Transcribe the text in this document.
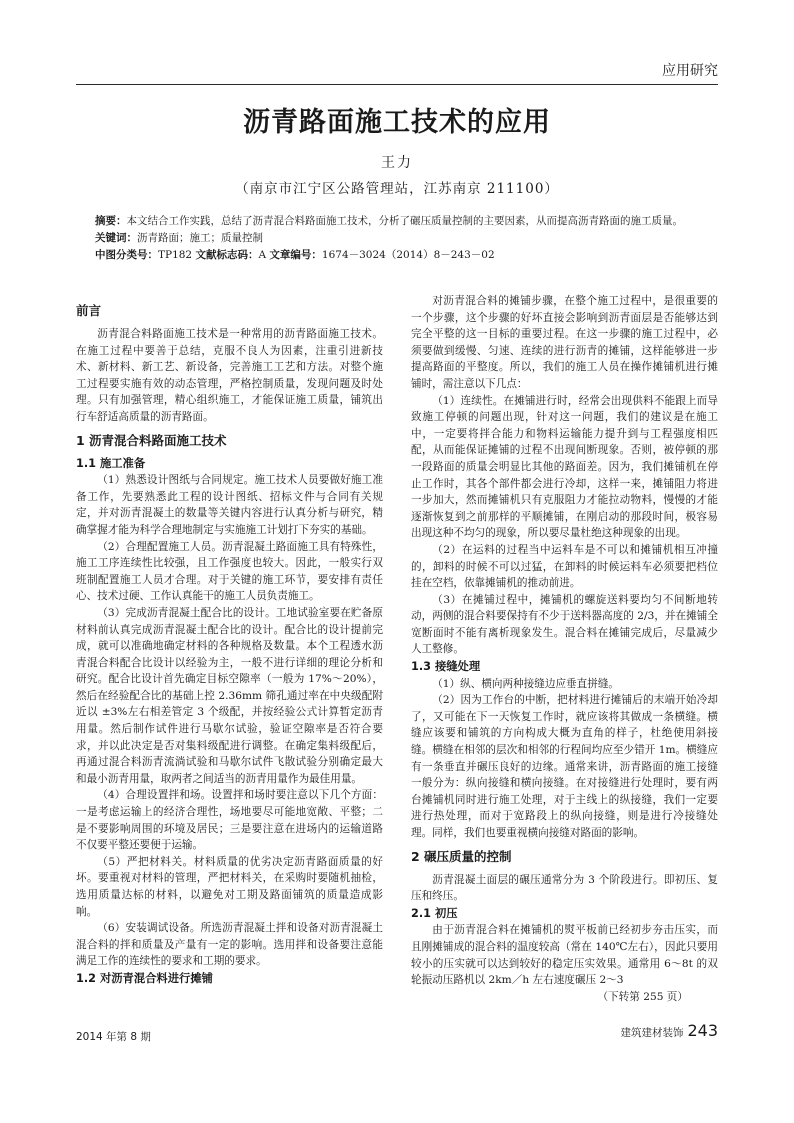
应用研究
沥青路面施工技术的应用
王力
（南京市江宁区公路管理站，江苏南京 211100）

摘要：本文结合工作实践，总结了沥青混合料路面施工技术，分析了碾压质量控制的主要因素，从而提高沥青路面的施工质量。

关键词：沥青路面；施工；质量控制

中图分类号：TP182 文献标志码：A 文章编号：1674－3024（2014）8－243－02

前言

沥青混合料路面施工技术是一种常用的沥青路面施工技术。在施工过程中要善于总结，克服不良人为因素，注重引进新技术、新材料、新工艺、新设备，完善施工工艺和方法。对整个施工过程要实施有效的动态管理，严格控制质量，发现问题及时处理。只有加强管理，精心组织施工，才能保证施工质量，铺筑出行车舒适高质量的沥青路面。

1 沥青混合料路面施工技术
1.1 施工准备

（1）熟悉设计图纸与合同规定。施工技术人员要做好施工准备工作，先要熟悉此工程的设计图纸、招标文件与合同有关规定，并对沥青混凝土的数量等关键内容进行认真分析与研究，精确掌握才能为科学合理地制定与实施施工计划打下夯实的基础。

（2）合理配置施工人员。沥青混凝土路面施工具有特殊性，施工工序连续性比较强，且工作强度也较大。因此，一般实行双班制配置施工人员才合理。对于关键的施工环节，要安排有责任心、技术过硬、工作认真能干的施工人员负责施工。

（3）完成沥青混凝土配合比的设计。工地试验室要在贮备原材料前认真完成沥青混凝土配合比的设计。配合比的设计提前完成，就可以准确地确定材料的各种规格及数量。本个工程透水沥青混合料配合比设计以经验为主，一般不进行详细的理论分析和研究。配合比设计首先确定目标空隙率（一般为 17%～20%），然后在经验配合比的基础上控 2.36mm 筛孔通过率在中央级配附近以 ±3%左右相差管定 3 个级配，并按经验公式计算暂定沥青用量。然后制作试件进行马歇尔试验，验证空隙率是否符合要求，并以此决定是否对集料级配进行调整。在确定集料级配后，再通过混合料沥青流淌试验和马歇尔试件飞散试验分别确定最大和最小沥青用量，取两者之间适当的沥青用量作为最佳用量。

（4）合理设置拌和场。设置拌和场时要注意以下几个方面：一是考虑运输上的经济合理性，场地要尽可能地宽敞、平整；二是不要影响周围的环境及居民；三是要注意在进场内的运输道路不仅要平整还要便于运输。

（5）严把材料关。材料质量的优劣决定沥青路面质量的好坏。要重视对材料的管理，严把材料关，在采购时要随机抽检，选用质量达标的材料，以避免对工期及路面铺筑的质量造成影响。

（6）安装调试设备。所选沥青混凝土拌和设备对沥青混凝土混合料的拌和质量及产量有一定的影响。选用拌和设备要注意能满足工作的连续性的要求和工期的要求。

1.2 对沥青混合料进行摊铺

对沥青混合料的摊铺步骤，在整个施工过程中，是很重要的一个步骤，这个步骤的好坏直接会影响到沥青面层是否能够达到完全平整的这一目标的重要过程。在这一步骤的施工过程中，必须要做到缓慢、匀速、连续的进行沥青的摊铺，这样能够进一步提高路面的平整度。所以，我们的施工人员在操作摊铺机进行摊铺时，需注意以下几点：

（1）连续性。在摊铺进行时，经常会出现供料不能跟上而导致施工停顿的问题出现，针对这一问题，我们的建议是在施工中，一定要将拌合能力和物料运输能力提升到与工程强度相匹配，从而能保证摊铺的过程不出现间断现象。否则，被停顿的那一段路面的质量会明显比其他的路面差。因为，我们摊铺机在停止工作时，其各个部件都会进行冷却，这样一来，摊铺阻力将进一步加大，然而摊铺机只有克服阻力才能拉动物料，慢慢的才能逐渐恢复到之前那样的平顺摊铺，在刚启动的那段时间，极容易出现这种不均匀的现象，所以要尽量杜绝这种现象的出现。

（2）在运料的过程当中运料车是不可以和摊铺机相互冲撞的，卸料的时候不可以过猛，在卸料的时候运料车必须要把档位挂在空档，依靠摊铺机的推动前进。

（3）在摊铺过程中，摊铺机的螺旋送料要均匀不间断地转动，两侧的混合料要保持有不少于送料器高度的 2/3，并在摊铺全宽断面时不能有离析现象发生。混合料在摊铺完成后，尽量减少人工整修。

1.3 接缝处理

（1）纵、横向两种接缝边应垂直拼缝。

（2）因为工作台的中断，把材料进行摊铺后的末端开始冷却了，又可能在下一天恢复工作时，就应该将其做成一条横缝。横缝应该要和铺筑的方向构成大概为直角的样子，杜绝使用斜接缝。横缝在相邻的层次和相邻的行程间均应至少错开 1m。横缝应有一条垂直并碾压良好的边缘。通常来讲，沥青路面的施工接缝一般分为：纵向接缝和横向接缝。在对接缝进行处理时，要有两台摊铺机同时进行施工处理，对于主线上的纵接缝，我们一定要进行热处理，而对于宽路段上的纵向接缝，则是进行冷接缝处理。同样，我们也要重视横向接缝对路面的影响。

2 碾压质量的控制

沥青混凝土面层的碾压通常分为 3 个阶段进行。即初压、复压和终压。

2.1 初压

由于沥青混合料在摊铺机的熨平板前已经初步夯击压实，而且刚摊铺成的混合料的温度较高（常在 140℃左右），因此只要用较小的压实就可以达到较好的稳定压实效果。通常用 6～8t 的双轮振动压路机以 2km／h 左右速度碾压 2～3

（下转第 255 页）

2014 年第 8 期	建筑建材装饰 243
